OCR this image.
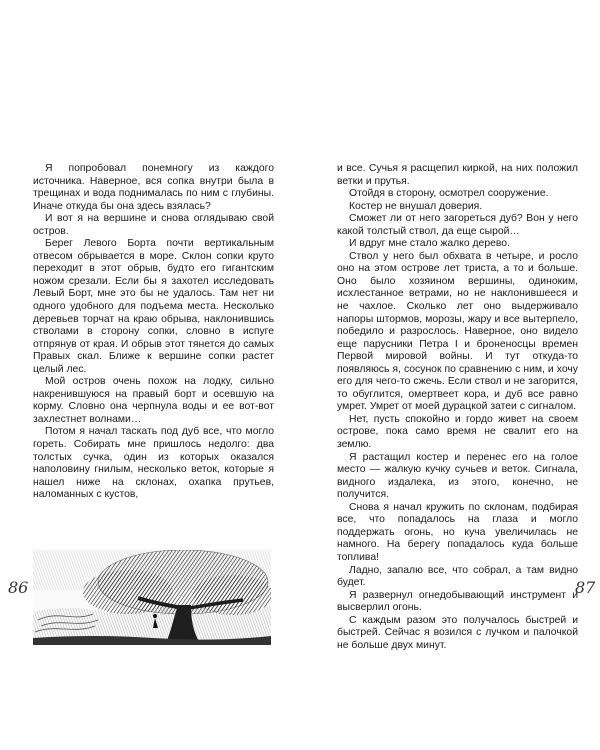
Я попробовал понемногу из каждого источника. Наверное, вся сопка внутри была в трещинах и вода поднималась по ним с глубины. Иначе откуда бы она здесь взялась?

И вот я на вершине и снова оглядываю свой остров.

Берег Левого Борта почти вертикальным отвесом обрывается в море. Склон сопки круто переходит в этот обрыв, будто его гигантским ножом срезали. Если бы я захотел исследовать Левый Борт, мне это бы не удалось. Там нет ни одного удобного для подъема места. Несколько деревьев торчат на краю обрыва, наклонившись стволами в сторону сопки, словно в испуге отпрянув от края. И обрыв этот тянется до самых Правых скал. Ближе к вершине сопки растет целый лес.

Мой остров очень похож на лодку, сильно накренившуюся на правый борт и осевшую на корму. Словно она черпнула воды и ее вот-вот захлестнет волнами…

Потом я начал таскать под дуб все, что могло гореть. Собирать мне пришлось недолго: два толстых сучка, один из которых оказался наполовину гнилым, несколько веток, которые я нашел ниже на склонах, охапка прутьев, наломанных с кустов,

и все. Сучья я расщепил киркой, на них положил ветки и прутья.

Отойдя в сторону, осмотрел сооружение.

Костер не внушал доверия.

Сможет ли от него загореться дуб? Вон у него какой толстый ствол, да еще сырой…

И вдруг мне стало жалко дерево.

Ствол у него был обхвата в четыре, и росло оно на этом острове лет триста, а то и больше. Оно было хозяином вершины, одиноким, исхлестанное ветрами, но не наклонившееся и не чахлое. Сколько лет оно выдерживало напоры штормов, морозы, жару и все вытерпело, победило и разрослось. Наверное, оно видело еще парусники Петра I и броненосцы времен Первой мировой войны. И тут откуда-то появляюсь я, сосунок по сравнению с ним, и хочу его для чего-то сжечь. Если ствол и не загорится, то обуглится, омертвеет кора, и дуб все равно умрет. Умрет от моей дурацкой затеи с сигналом.

Нет, пусть спокойно и гордо живет на своем острове, пока само время не свалит его на землю.

Я растащил костер и перенес его на голое место — жалкую кучку сучьев и веток. Сигнала, видного издалека, из этого, конечно, не получится.

Снова я начал кружить по склонам, подбирая все, что попадалось на глаза и могло поддержать огонь, но куча увеличилась не намного. На берегу попадалось куда больше топлива!

Ладно, запалю все, что собрал, а там видно будет.

Я развернул огнедобывающий инструмент и высверлил огонь.

С каждым разом это получалось быстрей и быстрей. Сейчас я возился с лучком и палочкой не больше двух минут.

86	87
